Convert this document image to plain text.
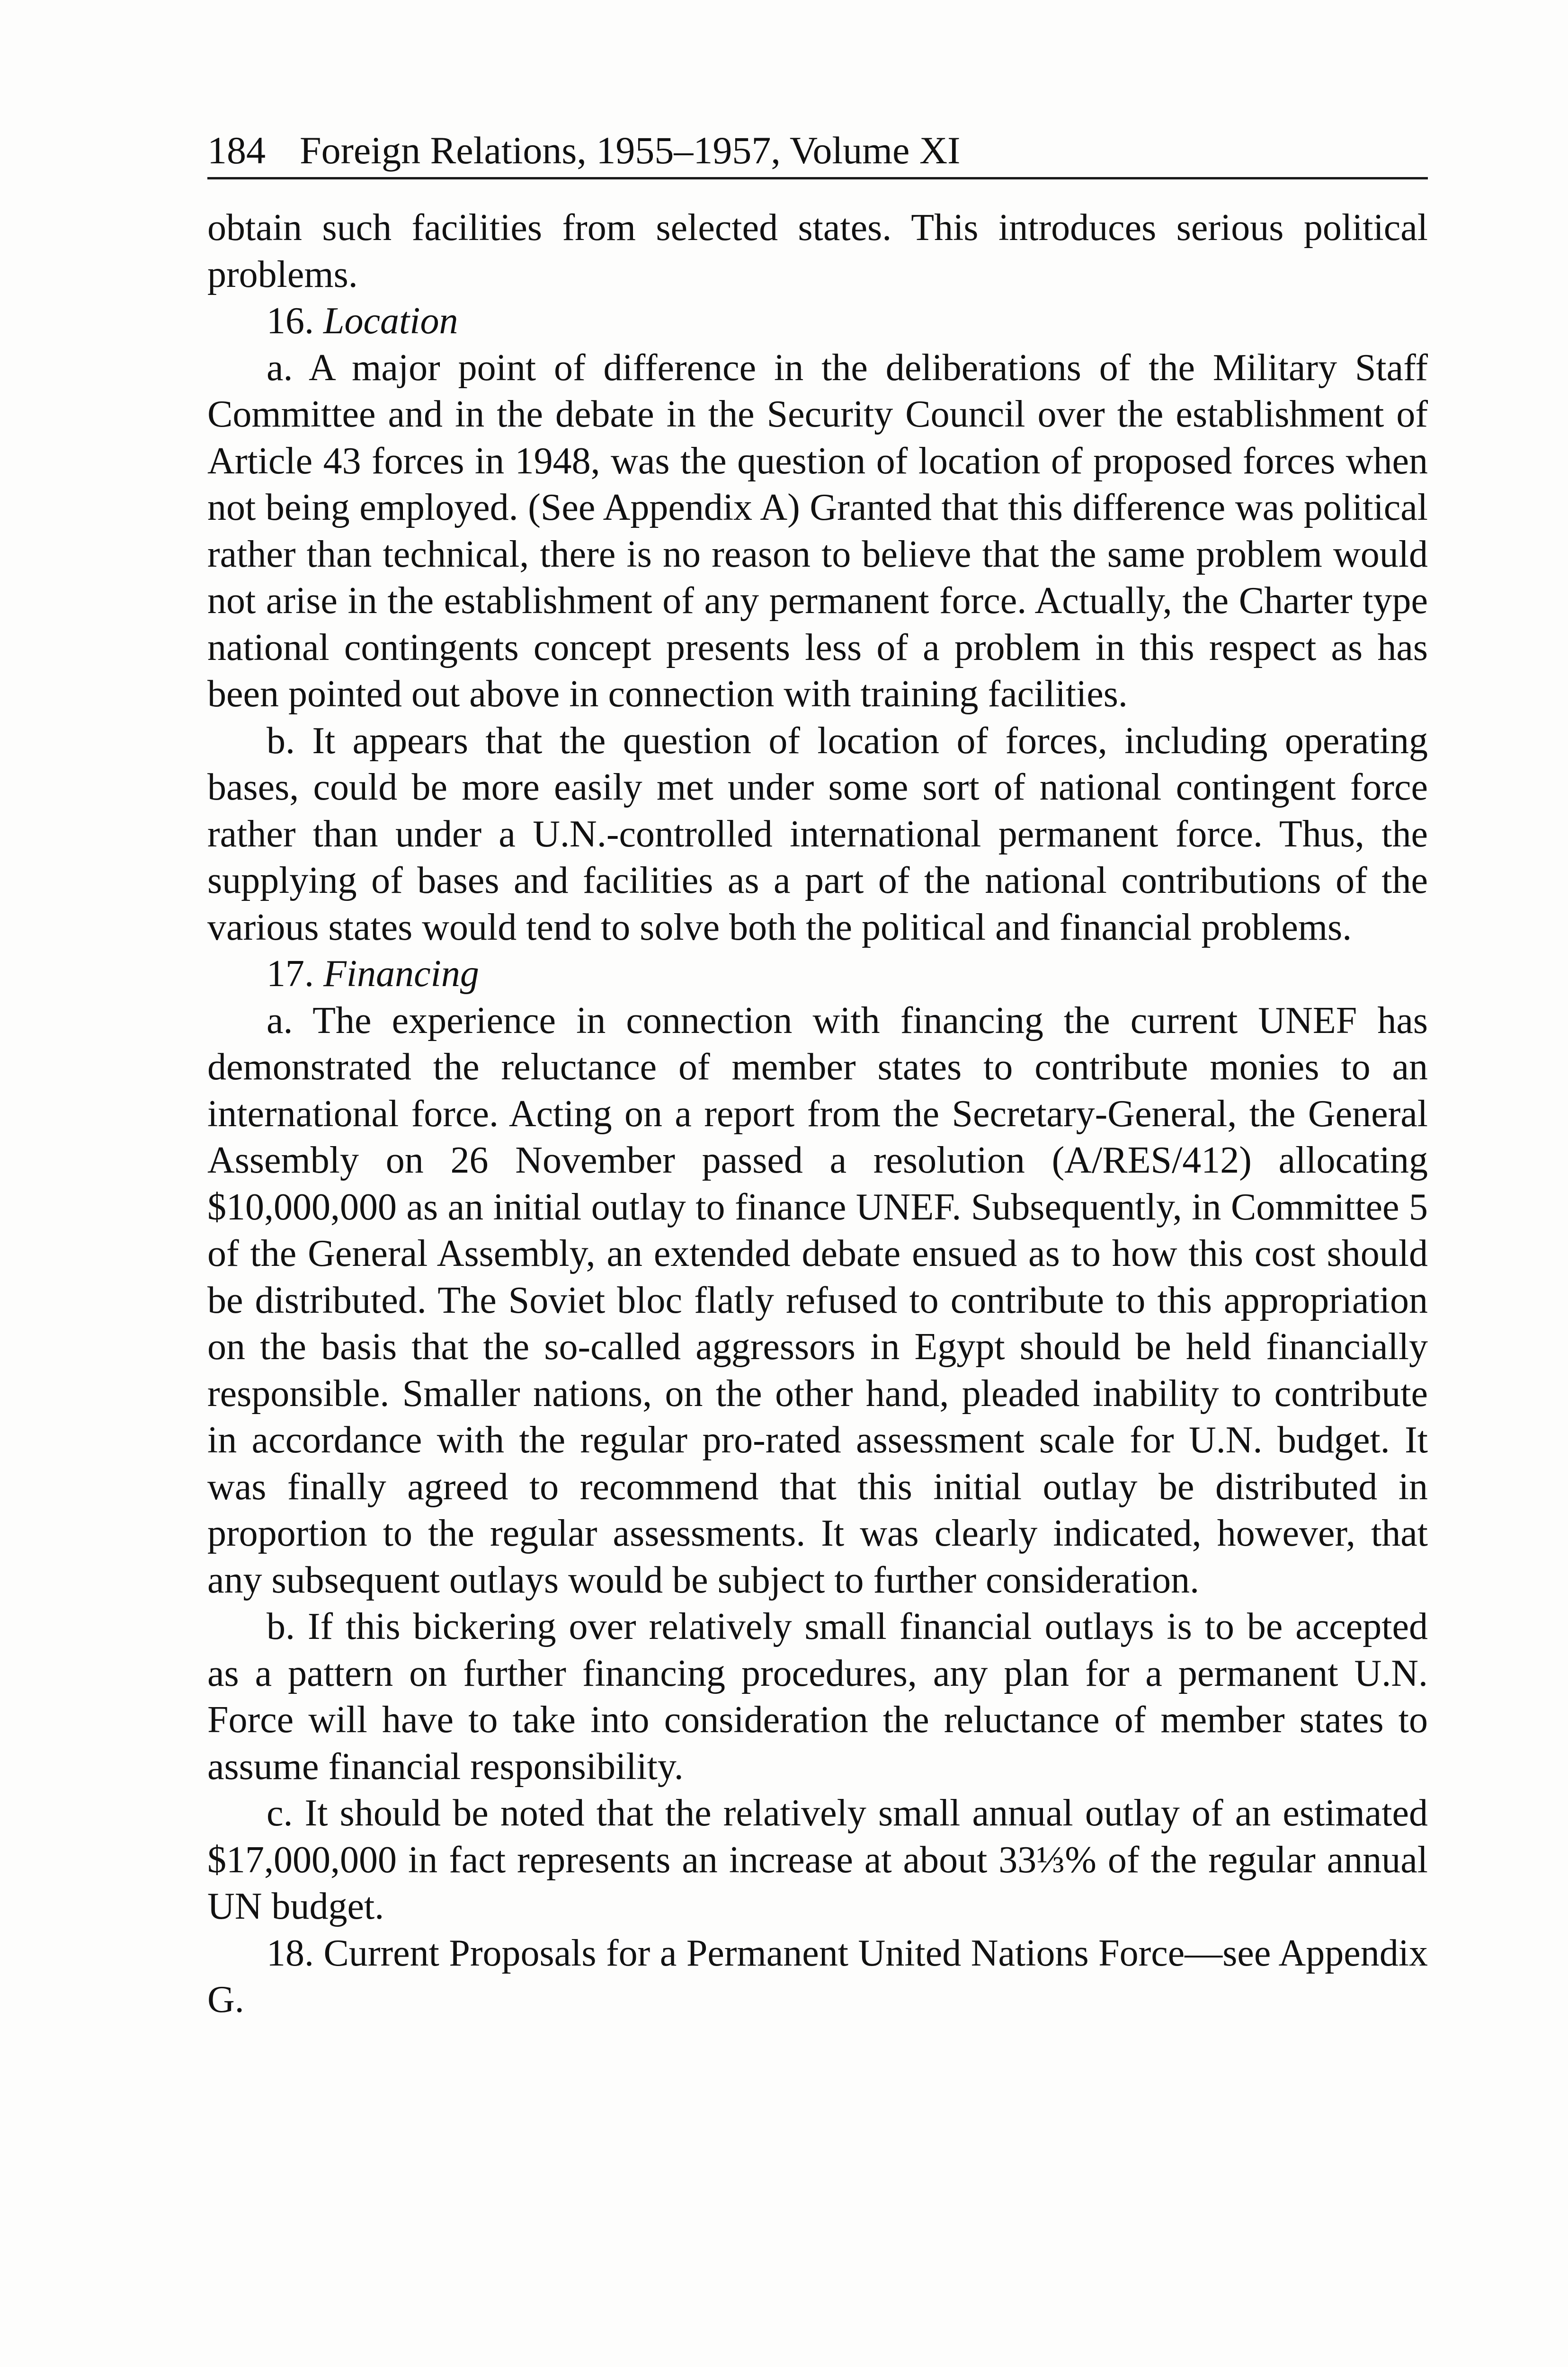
184 Foreign Relations, 1955–1957, Volume XI

obtain such facilities from selected states. This introduces serious political problems.

16. Location

a. A major point of difference in the deliberations of the Military Staff Committee and in the debate in the Security Council over the establishment of Article 43 forces in 1948, was the question of location of proposed forces when not being employed. (See Appendix A) Granted that this difference was political rather than technical, there is no reason to believe that the same problem would not arise in the establishment of any permanent force. Actually, the Charter type national contingents concept presents less of a problem in this respect as has been pointed out above in connection with training facilities.

b. It appears that the question of location of forces, including operating bases, could be more easily met under some sort of national contingent force rather than under a U.N.-controlled international permanent force. Thus, the supplying of bases and facilities as a part of the national contributions of the various states would tend to solve both the political and financial problems.

17. Financing

a. The experience in connection with financing the current UNEF has demonstrated the reluctance of member states to contribute monies to an international force. Acting on a report from the Secretary-General, the General Assembly on 26 November passed a resolution (A/RES/412) allocating $10,000,000 as an initial outlay to finance UNEF. Subsequently, in Committee 5 of the General Assembly, an extended debate ensued as to how this cost should be distributed. The Soviet bloc flatly refused to contribute to this appropriation on the basis that the so-called aggressors in Egypt should be held financially responsible. Smaller nations, on the other hand, pleaded inability to contribute in accordance with the regular pro-rated assessment scale for U.N. budget. It was finally agreed to recommend that this initial outlay be distributed in proportion to the regular assessments. It was clearly indicated, however, that any subsequent outlays would be subject to further consideration.

b. If this bickering over relatively small financial outlays is to be accepted as a pattern on further financing procedures, any plan for a permanent U.N. Force will have to take into consideration the reluctance of member states to assume financial responsibility.

c. It should be noted that the relatively small annual outlay of an estimated $17,000,000 in fact represents an increase at about 33⅓% of the regular annual UN budget.

18. Current Proposals for a Permanent United Nations Force—see Appendix G.
